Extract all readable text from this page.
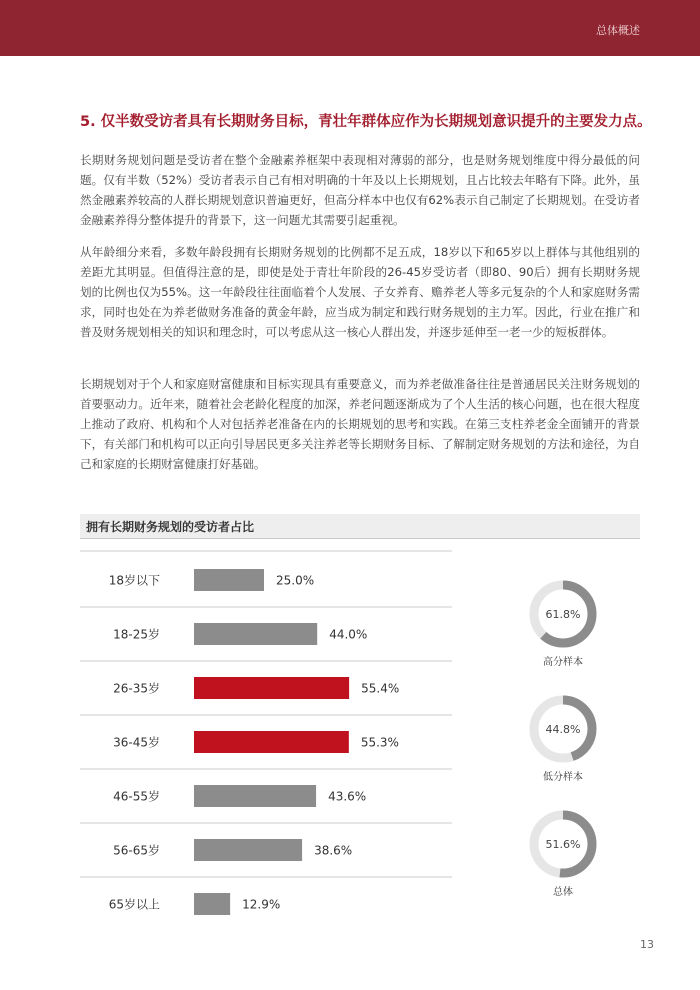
总体概述
5. 仅半数受访者具有长期财务目标，青壮年群体应作为长期规划意识提升的主要发力点。

长期财务规划问题是受访者在整个金融素养框架中表现相对薄弱的部分，也是财务规划维度中得分最低的问题。仅有半数（52%）受访者表示自己有相对明确的十年及以上长期规划，且占比较去年略有下降。此外，虽然金融素养较高的人群长期规划意识普遍更好，但高分样本中也仅有62%表示自己制定了长期规划。在受访者金融素养得分整体提升的背景下，这一问题尤其需要引起重视。

从年龄细分来看，多数年龄段拥有长期财务规划的比例都不足五成，18岁以下和65岁以上群体与其他组别的差距尤其明显。但值得注意的是，即使是处于青壮年阶段的26-45岁受访者（即80、90后）拥有长期财务规划的比例也仅为55%。这一年龄段往往面临着个人发展、子女养育、赡养老人等多元复杂的个人和家庭财务需求，同时也处在为养老做财务准备的黄金年龄，应当成为制定和践行财务规划的主力军。因此，行业在推广和普及财务规划相关的知识和理念时，可以考虑从这一核心人群出发，并逐步延伸至一老一少的短板群体。

长期规划对于个人和家庭财富健康和目标实现具有重要意义，而为养老做准备往往是普通居民关注财务规划的首要驱动力。近年来，随着社会老龄化程度的加深，养老问题逐渐成为了个人生活的核心问题，也在很大程度上推动了政府、机构和个人对包括养老准备在内的长期规划的思考和实践。在第三支柱养老金全面铺开的背景下，有关部门和机构可以正向引导居民更多关注养老等长期财务目标、了解制定财务规划的方法和途径，为自己和家庭的长期财富健康打好基础。

拥有长期财务规划的受访者占比
18岁以下	25.0%
18-25岁	44.0%
26-35岁	55.4%
36-45岁	55.3%
46-55岁	43.6%
56-65岁	38.6%
65岁以上	12.9%
61.8%
高分样本
44.8%
低分样本
51.6%
总体
13
